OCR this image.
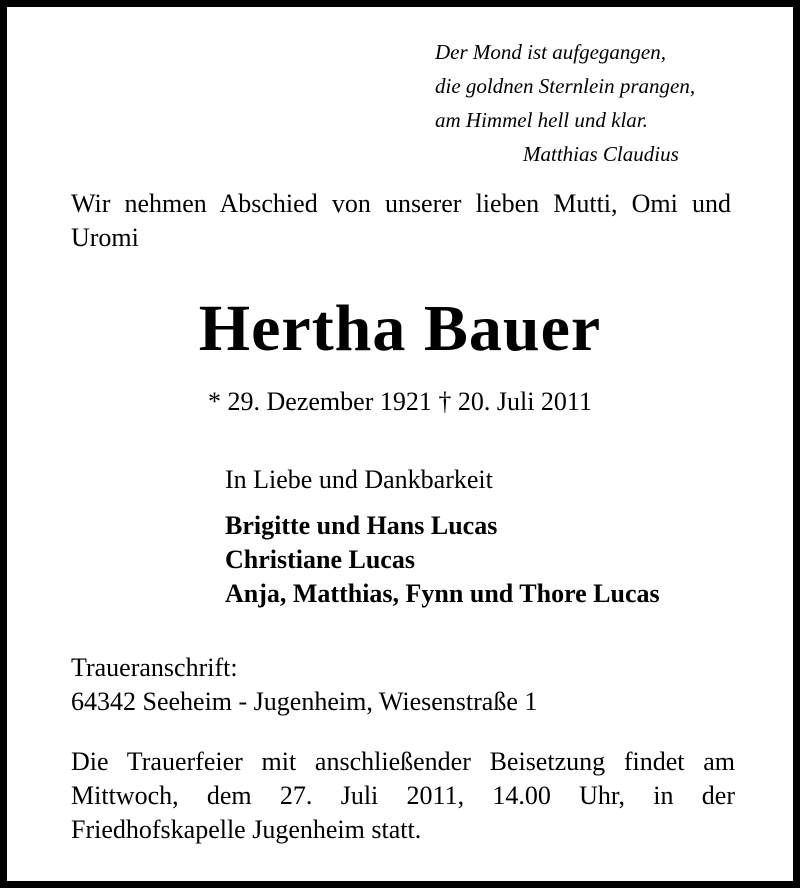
Der Mond ist aufgegangen,
die goldnen Sternlein prangen,
am Himmel hell und klar.
Matthias Claudius
Wir nehmen Abschied von unserer lieben Mutti, Omi und Uromi
Hertha Bauer
* 29. Dezember 1921 † 20. Juli 2011
In Liebe und Dankbarkeit
Brigitte und Hans Lucas
Christiane Lucas
Anja, Matthias, Fynn und Thore Lucas
Traueranschrift:
64342 Seeheim - Jugenheim, Wiesenstraße 1
Die Trauerfeier mit anschließender Beisetzung findet am Mittwoch, dem 27. Juli 2011, 14.00 Uhr, in der Friedhofskapelle Jugenheim statt.
